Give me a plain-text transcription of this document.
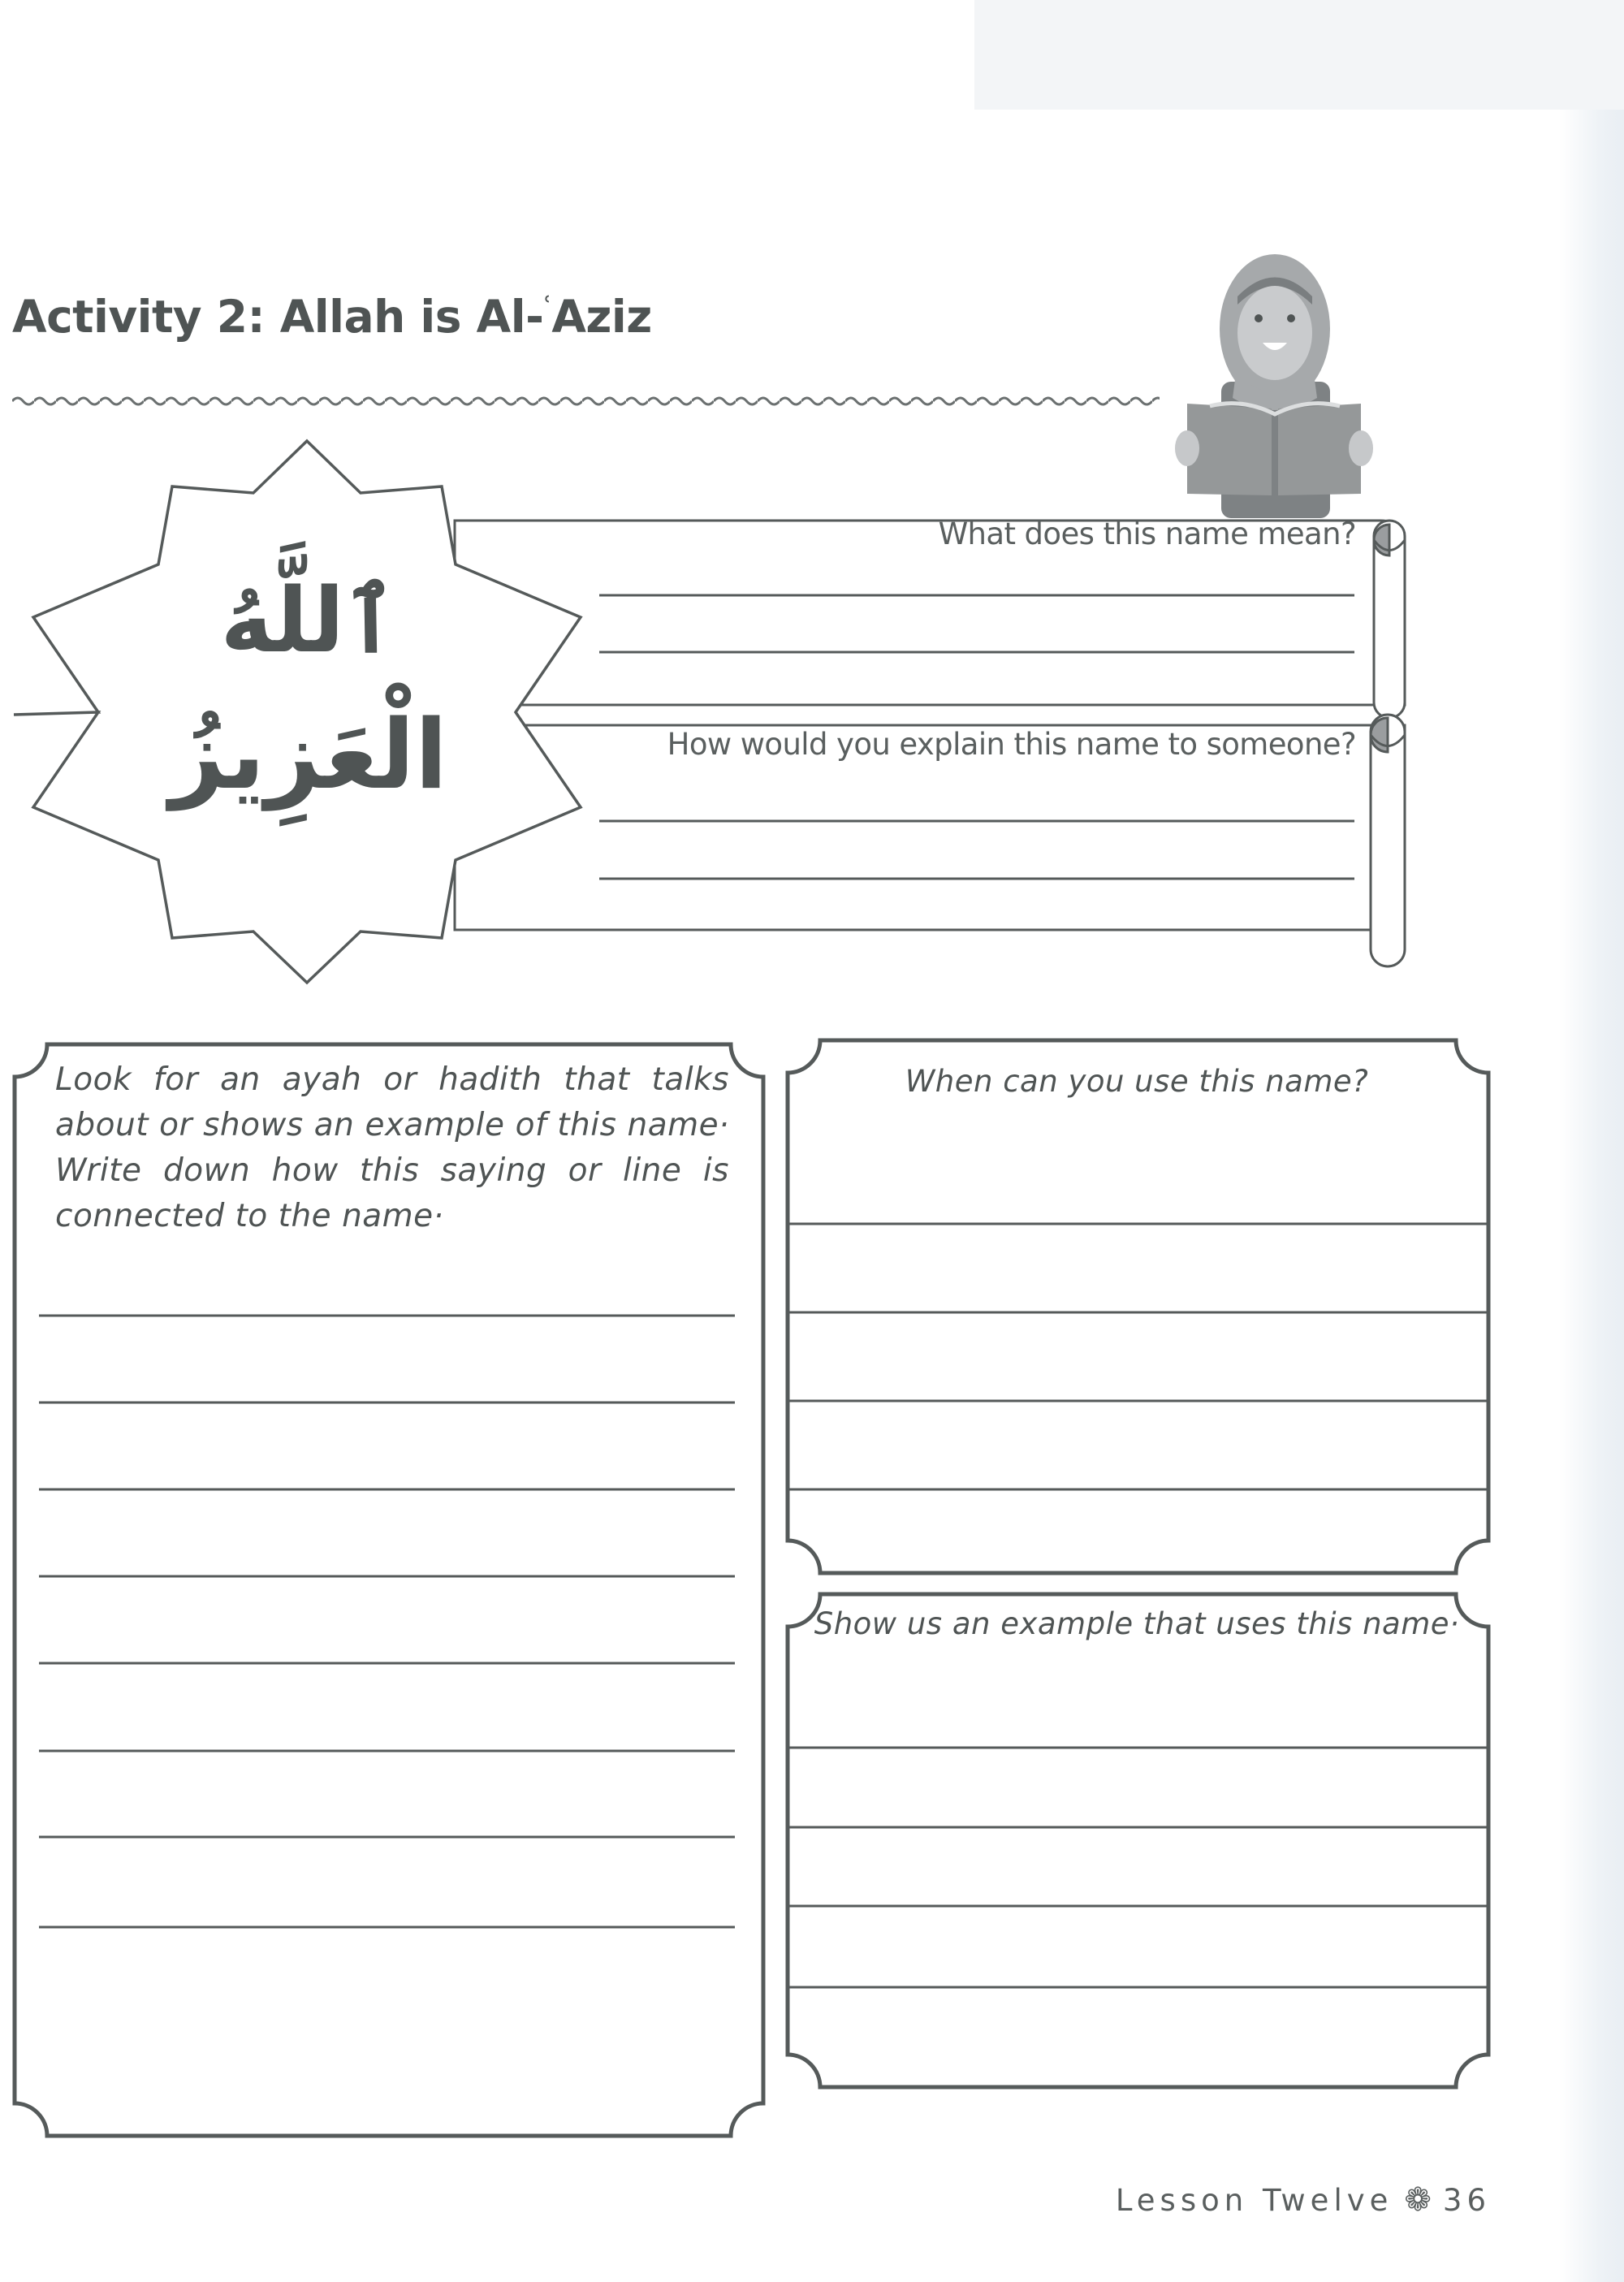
Activity 2: Allah is Al-$^ʿ$Aziz
ٱللَّهُ
الْعَزِيزُ
What does this name mean?
How would you explain this name to someone?
Look for an ayah or hadith that talks about or shows an example of this name· Write down how this saying or line is connected to the name·
When can you use this name?
Show us an example that uses this name·
Lesson Twelve ❁ 36
